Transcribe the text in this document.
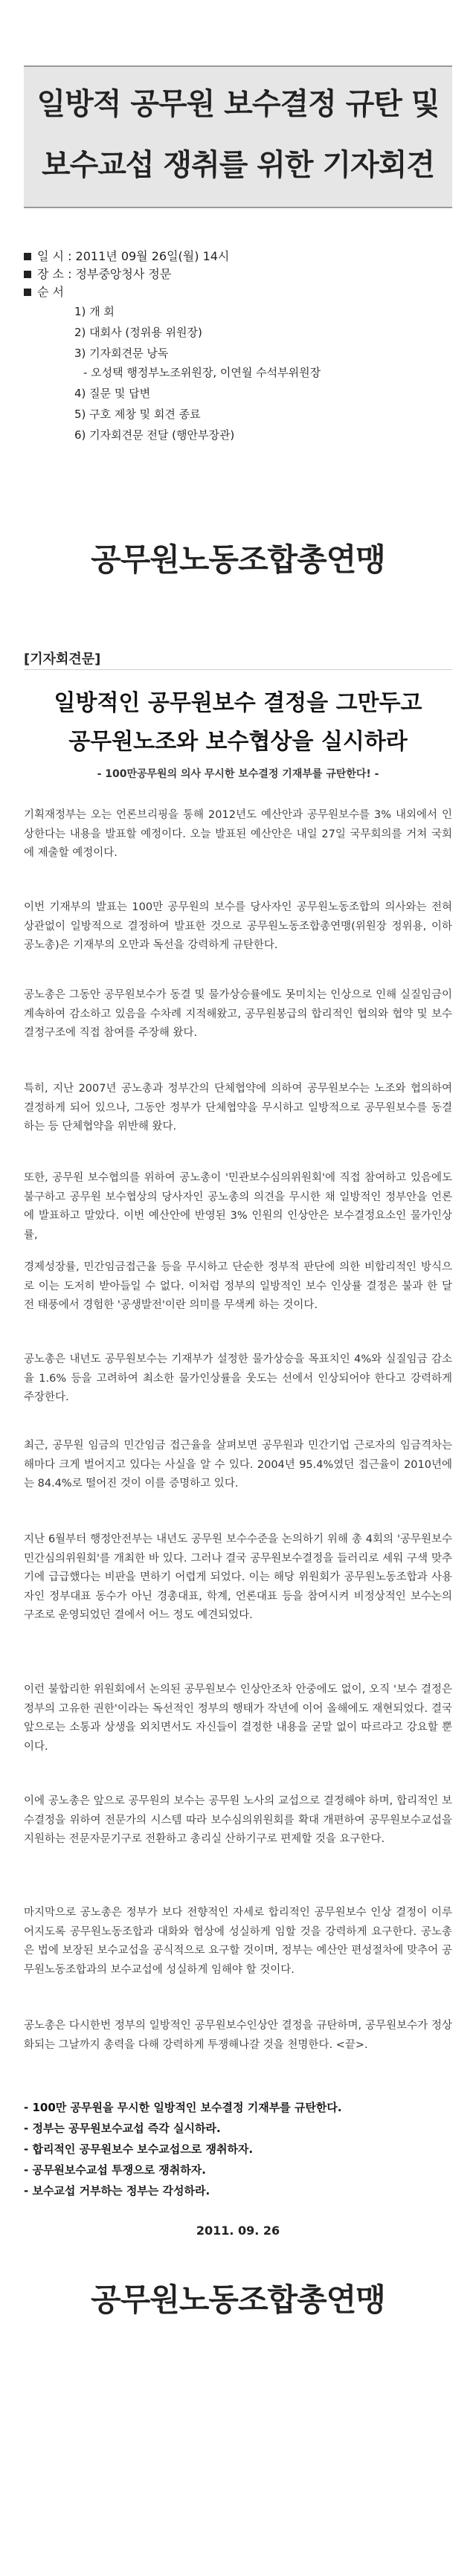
일방적 공무원 보수결정 규탄 및
보수교섭 쟁취를 위한 기자회견
일 시 : 2011년 09월 26일(월) 14시
장 소 : 정부중앙청사 정문
순 서
1) 개 회
2) 대회사 (정위용 위원장)
3) 기자회견문 낭독
- 오성택 행정부노조위원장, 이연월 수석부위원장
4) 질문 및 답변
5) 구호 제창 및 회견 종료
6) 기자회견문 전달 (행안부장관)
공무원노동조합총연맹
[기자회견문]
일방적인 공무원보수 결정을 그만두고
공무원노조와 보수협상을 실시하라
- 100만공무원의 의사 무시한 보수결정 기재부를 규탄한다! -
기획재정부는 오는 언론브리핑을 통해 2012년도 예산안과 공무원보수를 3% 내외에서 인상한다는 내용을 발표할 예정이다. 오늘 발표된 예산안은 내일 27일 국무회의를 거쳐 국회에 제출할 예정이다.
이번 기재부의 발표는 100만 공무원의 보수를 당사자인 공무원노동조합의 의사와는 전혀 상관없이 일방적으로 결정하여 발표한 것으로 공무원노동조합총연맹(위원장 정위용, 이하 공노총)은 기재부의 오만과 독선을 강력하게 규탄한다.
공노총은 그동안 공무원보수가 동결 및 물가상승률에도 못미치는 인상으로 인해 실질임금이 계속하여 감소하고 있음을 수차례 지적해왔고, 공무원봉급의 합리적인 협의와 협약 및 보수결정구조에 직접 참여를 주장해 왔다.
특히, 지난 2007년 공노총과 정부간의 단체협약에 의하여 공무원보수는 노조와 협의하여 결정하게 되어 있으나, 그동안 정부가 단체협약을 무시하고 일방적으로 공무원보수를 동결하는 등 단체협약을 위반해 왔다.
또한, 공무원 보수협의를 위하여 공노총이 '민관보수심의위원회'에 직접 참여하고 있음에도 불구하고 공무원 보수협상의 당사자인 공노총의 의견을 무시한 채 일방적인 정부안을 언론에 발표하고 말았다. 이번 예산안에 반영된 3% 인원의 인상안은 보수결정요소인 물가인상률,
경제성장률, 민간임금접근율 등을 무시하고 단순한 정부적 판단에 의한 비합리적인 방식으로 이는 도저히 받아들일 수 없다. 이처럼 정부의 일방적인 보수 인상률 결정은 불과 한 달 전 태풍에서 경험한 '공생발전'이란 의미를 무색케 하는 것이다.
공노총은 내년도 공무원보수는 기재부가 설정한 물가상승을 목표치인 4%와 실질임금 감소율 1.6% 등을 고려하여 최소한 물가인상률을 웃도는 선에서 인상되어야 한다고 강력하게 주장한다.
최근, 공무원 임금의 민간임금 접근율을 살펴보면 공무원과 민간기업 근로자의 임금격차는 해마다 크게 벌어지고 있다는 사실을 알 수 있다. 2004년 95.4%였던 접근율이 2010년에는 84.4%로 떨어진 것이 이를 증명하고 있다.
지난 6월부터 행정안전부는 내년도 공무원 보수수준을 논의하기 위해 총 4회의 '공무원보수민간심의위원회'를 개최한 바 있다. 그러나 결국 공무원보수결정을 들러리로 세워 구색 맞추기에 급급했다는 비판을 면하기 어렵게 되었다. 이는 해당 위원회가 공무원노동조합과 사용자인 정부대표 동수가 아닌 경총대표, 학계, 언론대표 등을 참여시켜 비정상적인 보수논의 구조로 운영되었던 결에서 어느 정도 예견되었다.
이런 불합리한 위원회에서 논의된 공무원보수 인상안조차 안중에도 없이, 오직 '보수 결정은 정부의 고유한 권한'이라는 독선적인 정부의 행태가 작년에 이어 올해에도 재현되었다. 결국 앞으로는 소통과 상생을 외치면서도 자신들이 결정한 내용을 굳말 없이 따르라고 강요할 뿐이다.
이에 공노총은 앞으로 공무원의 보수는 공무원 노사의 교섭으로 결정해야 하며, 합리적인 보수결정을 위하여 전문가의 시스템 따라 보수심의위원회를 확대 개편하여 공무원보수교섭을 지원하는 전문자문기구로 전환하고 총리실 산하기구로 편제할 것을 요구한다.
마지막으로 공노총은 정부가 보다 전향적인 자세로 합리적인 공무원보수 인상 결정이 이루어지도록 공무원노동조합과 대화와 협상에 성실하게 임할 것을 강력하게 요구한다. 공노총은 법에 보장된 보수교섭을 공식적으로 요구할 것이며, 정부는 예산안 편성절차에 맞추어 공무원노동조합과의 보수교섭에 성실하게 임해야 할 것이다.
공노총은 다시한번 정부의 일방적인 공무원보수인상안 결정을 규탄하며, 공무원보수가 정상화되는 그날까지 총력을 다해 강력하게 투쟁해나갈 것을 천명한다. <끝>.
- 100만 공무원을 무시한 일방적인 보수결정 기재부를 규탄한다.
- 정부는 공무원보수교섭 즉각 실시하라.
- 합리적인 공무원보수 보수교섭으로 쟁취하자.
- 공무원보수교섭 투쟁으로 쟁취하자.
- 보수교섭 거부하는 정부는 각성하라.
2011. 09. 26
공무원노동조합총연맹
